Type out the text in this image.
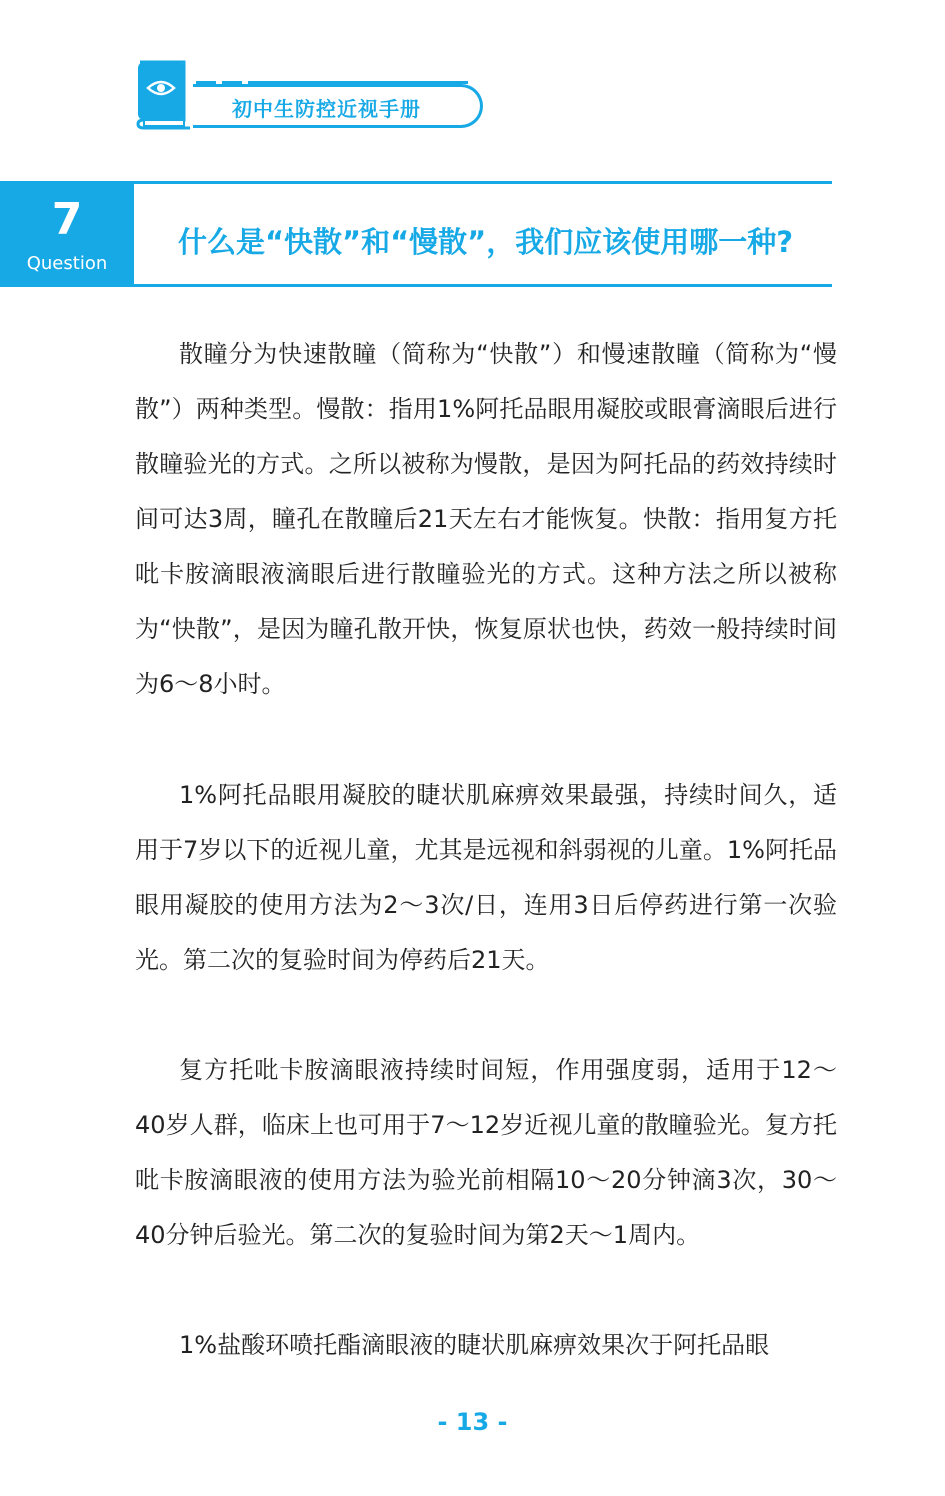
初中生防控近视手册
7
Question
什么是“快散”和“慢散”，我们应该使用哪一种?

散瞳分为快速散瞳（简称为“快散”）和慢速散瞳（简称为“慢散”）两种类型。慢散：指用1%阿托品眼用凝胶或眼膏滴眼后进行散瞳验光的方式。之所以被称为慢散，是因为阿托品的药效持续时间可达3周，瞳孔在散瞳后21天左右才能恢复。快散：指用复方托吡卡胺滴眼液滴眼后进行散瞳验光的方式。这种方法之所以被称为“快散”，是因为瞳孔散开快，恢复原状也快，药效一般持续时间为6～8小时。

1%阿托品眼用凝胶的睫状肌麻痹效果最强，持续时间久，适用于7岁以下的近视儿童，尤其是远视和斜弱视的儿童。1%阿托品眼用凝胶的使用方法为2～3次/日，连用3日后停药进行第一次验光。第二次的复验时间为停药后21天。

复方托吡卡胺滴眼液持续时间短，作用强度弱，适用于12～40岁人群，临床上也可用于7～12岁近视儿童的散瞳验光。复方托吡卡胺滴眼液的使用方法为验光前相隔10～20分钟滴3次，30～40分钟后验光。第二次的复验时间为第2天～1周内。

1%盐酸环喷托酯滴眼液的睫状肌麻痹效果次于阿托品眼

- 13 -
